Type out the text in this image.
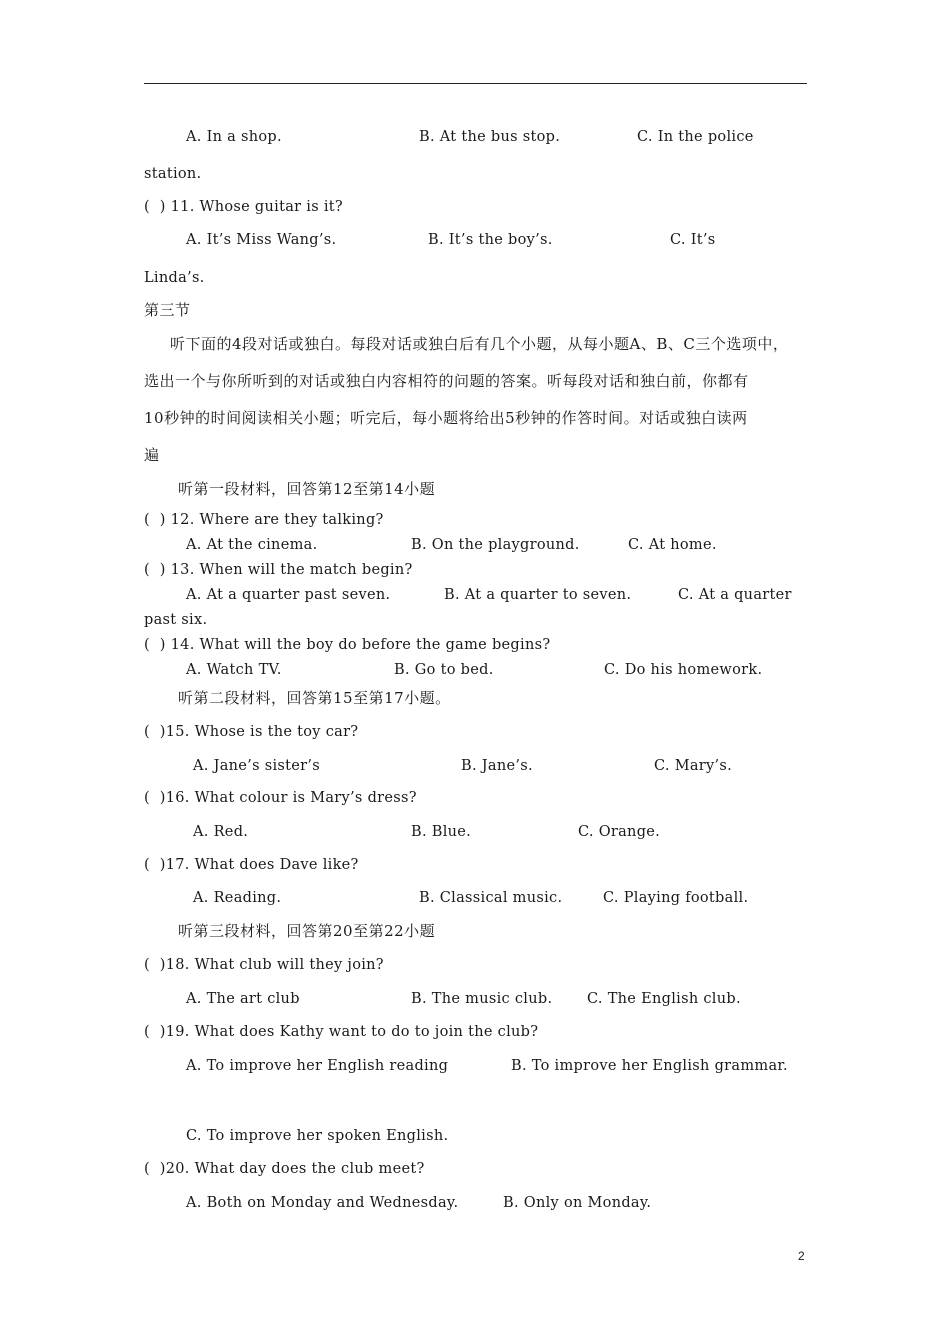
A. In a shop.	B. At the bus stop.	C. In the police
station.
(  ) 11. Whose guitar is it?
A. It’s Miss Wang’s.	B. It’s the boy’s.	C. It’s
Linda’s.
第三节
听下面的4段对话或独白。每段对话或独白后有几个小题，从每小题A、B、C三个选项中，
选出一个与你所听到的对话或独白内容相符的问题的答案。听每段对话和独白前，你都有
10秒钟的时间阅读相关小题；听完后，每小题将给出5秒钟的作答时间。对话或独白读两
遍
听第一段材料，回答第12至第14小题
(  ) 12. Where are they talking?
A. At the cinema.	B. On the playground.	C. At home.
(  ) 13. When will the match begin?
A. At a quarter past seven.	B. At a quarter to seven.	C. At a quarter
past six.
(  ) 14. What will the boy do before the game begins?
A. Watch TV.	B. Go to bed.	C. Do his homework.
听第二段材料，回答第15至第17小题。
(  )15. Whose is the toy car?
A. Jane’s sister’s	B. Jane’s.	C. Mary’s.
(  )16. What colour is Mary’s dress?
A. Red.	B. Blue.	C. Orange.
(  )17. What does Dave like?
A. Reading.	B. Classical music.	C. Playing football.
听第三段材料，回答第20至第22小题
(  )18. What club will they join?
A. The art club	B. The music club. C. The English club.
(  )19. What does Kathy want to do to join the club?
A. To improve her English reading	B. To improve her English grammar.
C. To improve her spoken English.
(  )20. What day does the club meet?
A. Both on Monday and Wednesday.	B. Only on Monday.
2
